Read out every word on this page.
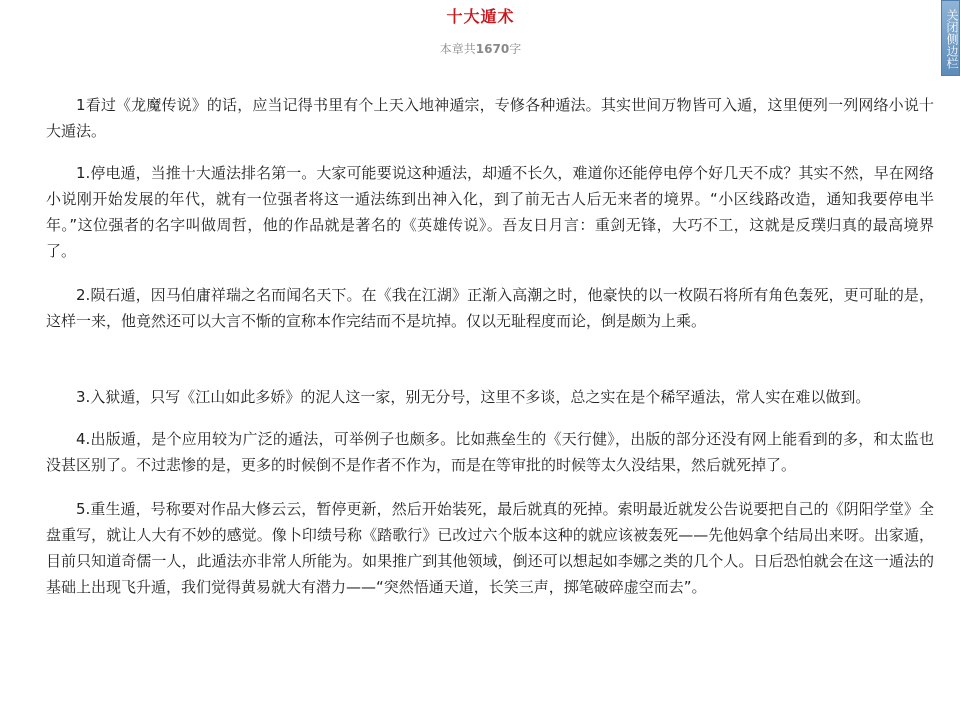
十大遁术
本章共1670字

1看过《龙魔传说》的话，应当记得书里有个上天入地神遁宗，专修各种遁法。其实世间万物皆可入遁，这里便列一列网络小说十大遁法。

1.停电遁，当推十大遁法排名第一。大家可能要说这种遁法，却遁不长久，难道你还能停电停个好几天不成？其实不然，早在网络小说刚开始发展的年代，就有一位强者将这一遁法练到出神入化，到了前无古人后无来者的境界。“小区线路改造，通知我要停电半年。”这位强者的名字叫做周哲，他的作品就是著名的《英雄传说》。吾友日月言：重剑无锋，大巧不工，这就是反璞归真的最高境界了。

2.陨石遁，因马伯庸祥瑞之名而闻名天下。在《我在江湖》正渐入高潮之时，他豪快的以一枚陨石将所有角色轰死，更可耻的是，这样一来，他竟然还可以大言不惭的宣称本作完结而不是坑掉。仅以无耻程度而论，倒是颇为上乘。

3.入狱遁，只写《江山如此多娇》的泥人这一家，别无分号，这里不多谈，总之实在是个稀罕遁法，常人实在难以做到。

4.出版遁，是个应用较为广泛的遁法，可举例子也颇多。比如燕垒生的《天行健》，出版的部分还没有网上能看到的多，和太监也没甚区别了。不过悲惨的是，更多的时候倒不是作者不作为，而是在等审批的时候等太久没结果，然后就死掉了。

5.重生遁，号称要对作品大修云云，暂停更新，然后开始装死，最后就真的死掉。索明最近就发公告说要把自己的《阴阳学堂》全盘重写，就让人大有不妙的感觉。像卜印绩号称《踏歌行》已改过六个版本这种的就应该被轰死——先他妈拿个结局出来呀。出家遁，目前只知道奇儒一人，此遁法亦非常人所能为。如果推广到其他领域，倒还可以想起如李娜之类的几个人。日后恐怕就会在这一遁法的基础上出现飞升遁，我们觉得黄易就大有潜力——“突然悟通天道，长笑三声，掷笔破碎虚空而去”。

关闭侧边栏
